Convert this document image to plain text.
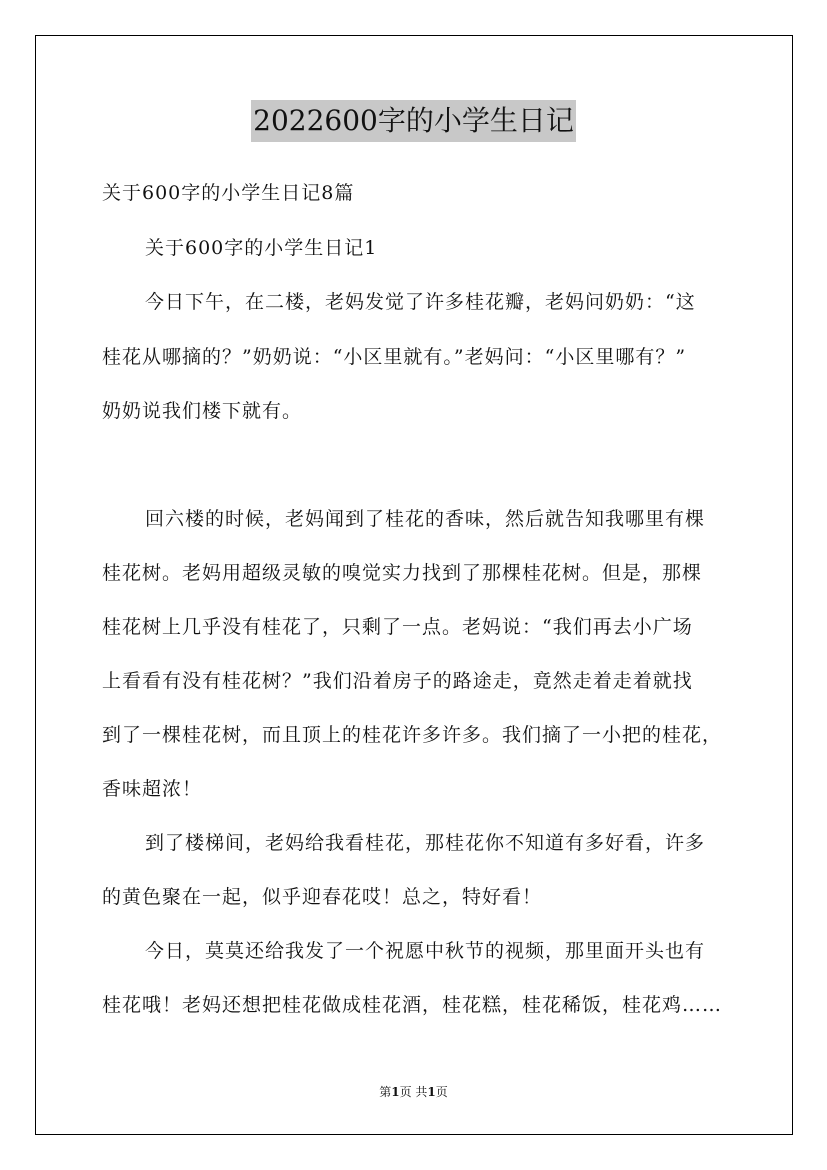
2022600字的小学生日记
关于600字的小学生日记8篇
关于600字的小学生日记1
今日下午，在二楼，老妈发觉了许多桂花瓣，老妈问奶奶：“这
桂花从哪摘的？”奶奶说：“小区里就有。”老妈问：“小区里哪有？”
奶奶说我们楼下就有。
回六楼的时候，老妈闻到了桂花的香味，然后就告知我哪里有棵
桂花树。老妈用超级灵敏的嗅觉实力找到了那棵桂花树。但是，那棵
桂花树上几乎没有桂花了，只剩了一点。老妈说：“我们再去小广场
上看看有没有桂花树？”我们沿着房子的路途走，竟然走着走着就找
到了一棵桂花树，而且顶上的桂花许多许多。我们摘了一小把的桂花，
香味超浓！
到了楼梯间，老妈给我看桂花，那桂花你不知道有多好看，许多
的黄色聚在一起，似乎迎春花哎！总之，特好看！
今日，莫莫还给我发了一个祝愿中秋节的视频，那里面开头也有
桂花哦！老妈还想把桂花做成桂花酒，桂花糕，桂花稀饭，桂花鸡……
第1页 共1页
